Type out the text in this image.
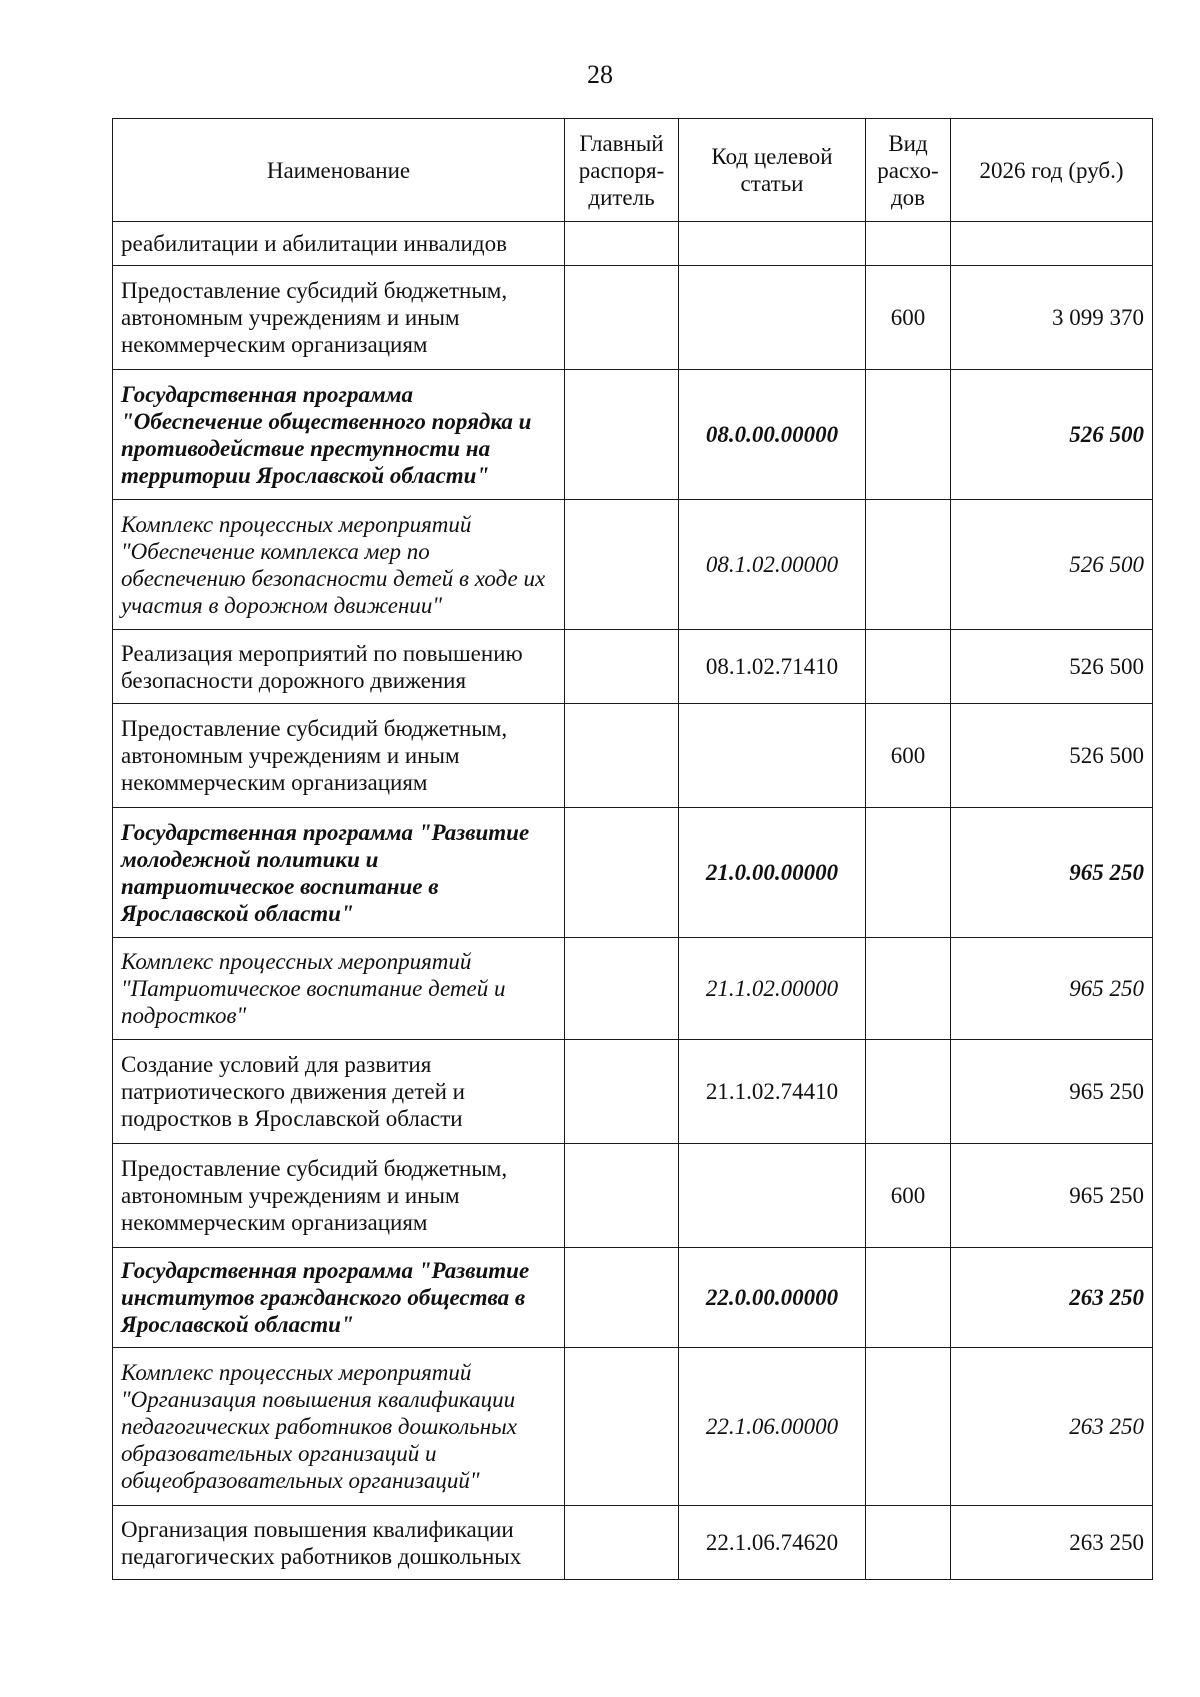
28
Наименование	Главный распоря-дитель	Код целевой статьи	Вид расхо-дов	2026 год (руб.)
реабилитации и абилитации инвалидов				
Предоставление субсидий бюджетным, автономным учреждениям и иным некоммерческим организациям			600	3 099 370
Государственная программа "Обеспечение общественного порядка и противодействие преступности на территории Ярославской области"		08.0.00.00000		526 500
Комплекс процессных мероприятий "Обеспечение комплекса мер по обеспечению безопасности детей в ходе их участия в дорожном движении"		08.1.02.00000		526 500
Реализация мероприятий по повышению безопасности дорожного движения		08.1.02.71410		526 500
Предоставление субсидий бюджетным, автономным учреждениям и иным некоммерческим организациям			600	526 500
Государственная программа "Развитие молодежной политики и патриотическое воспитание в Ярославской области"		21.0.00.00000		965 250
Комплекс процессных мероприятий "Патриотическое воспитание детей и подростков"		21.1.02.00000		965 250
Создание условий для развития патриотического движения детей и подростков в Ярославской области		21.1.02.74410		965 250
Предоставление субсидий бюджетным, автономным учреждениям и иным некоммерческим организациям			600	965 250
Государственная программа "Развитие институтов гражданского общества в Ярославской области"		22.0.00.00000		263 250
Комплекс процессных мероприятий "Организация повышения квалификации педагогических работников дошкольных образовательных организаций и общеобразовательных организаций"		22.1.06.00000		263 250
Организация повышения квалификации педагогических работников дошкольных		22.1.06.74620		263 250
